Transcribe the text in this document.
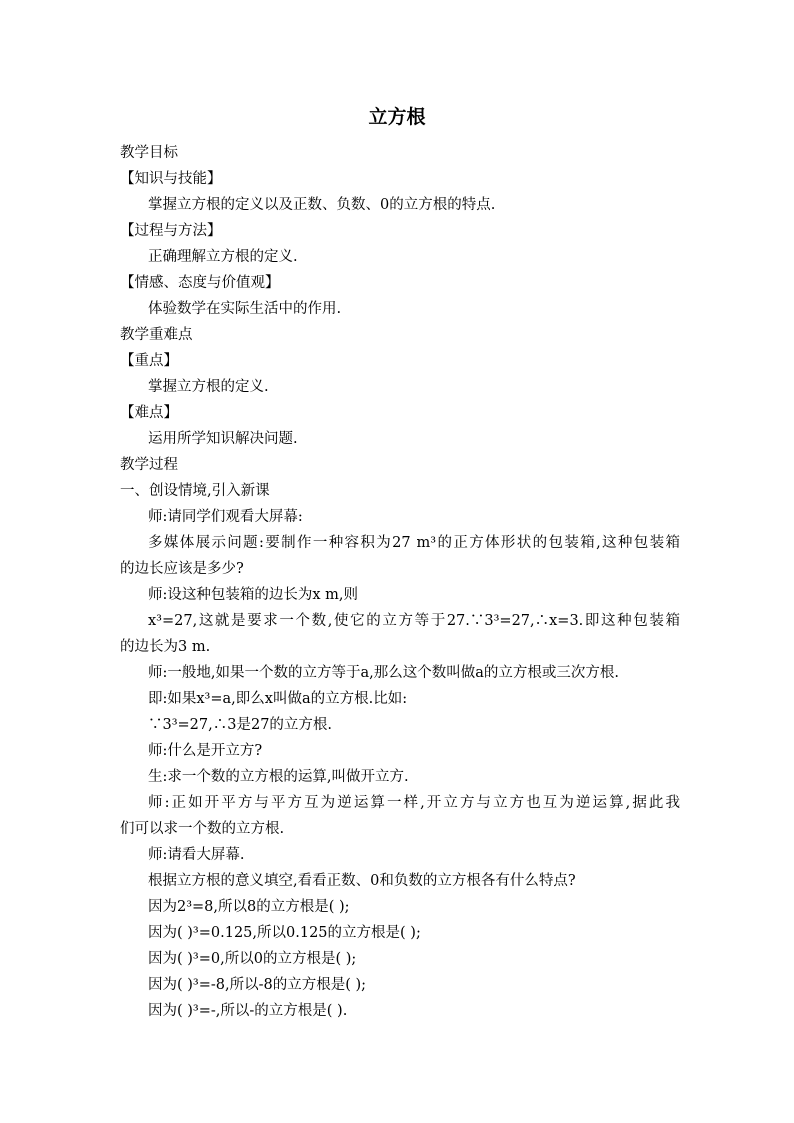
立方根
教学目标
【知识与技能】
掌握立方根的定义以及正数、负数、0的立方根的特点.
【过程与方法】
正确理解立方根的定义.
【情感、态度与价值观】
体验数学在实际生活中的作用.
教学重难点
【重点】
掌握立方根的定义.
【难点】
运用所学知识解决问题.
教学过程
一、创设情境,引入新课
师:请同学们观看大屏幕:
多媒体展示问题:要制作一种容积为27 m³的正方体形状的包装箱,这种包装箱
的边长应该是多少?
师:设这种包装箱的边长为x m,则
x³=27,这就是要求一个数,使它的立方等于27.∵3³=27,∴x=3.即这种包装箱
的边长为3 m.
师:一般地,如果一个数的立方等于a,那么这个数叫做a的立方根或三次方根.
即:如果x³=a,即么x叫做a的立方根.比如:
∵3³=27,∴3是27的立方根.
师:什么是开立方?
生:求一个数的立方根的运算,叫做开立方.
师:正如开平方与平方互为逆运算一样,开立方与立方也互为逆运算,据此我
们可以求一个数的立方根.
师:请看大屏幕.
根据立方根的意义填空,看看正数、0和负数的立方根各有什么特点?
因为2³=8,所以8的立方根是( );
因为( )³=0.125,所以0.125的立方根是( );
因为( )³=0,所以0的立方根是( );
因为( )³=-8,所以-8的立方根是( );
因为( )³=-,所以-的立方根是( ).
